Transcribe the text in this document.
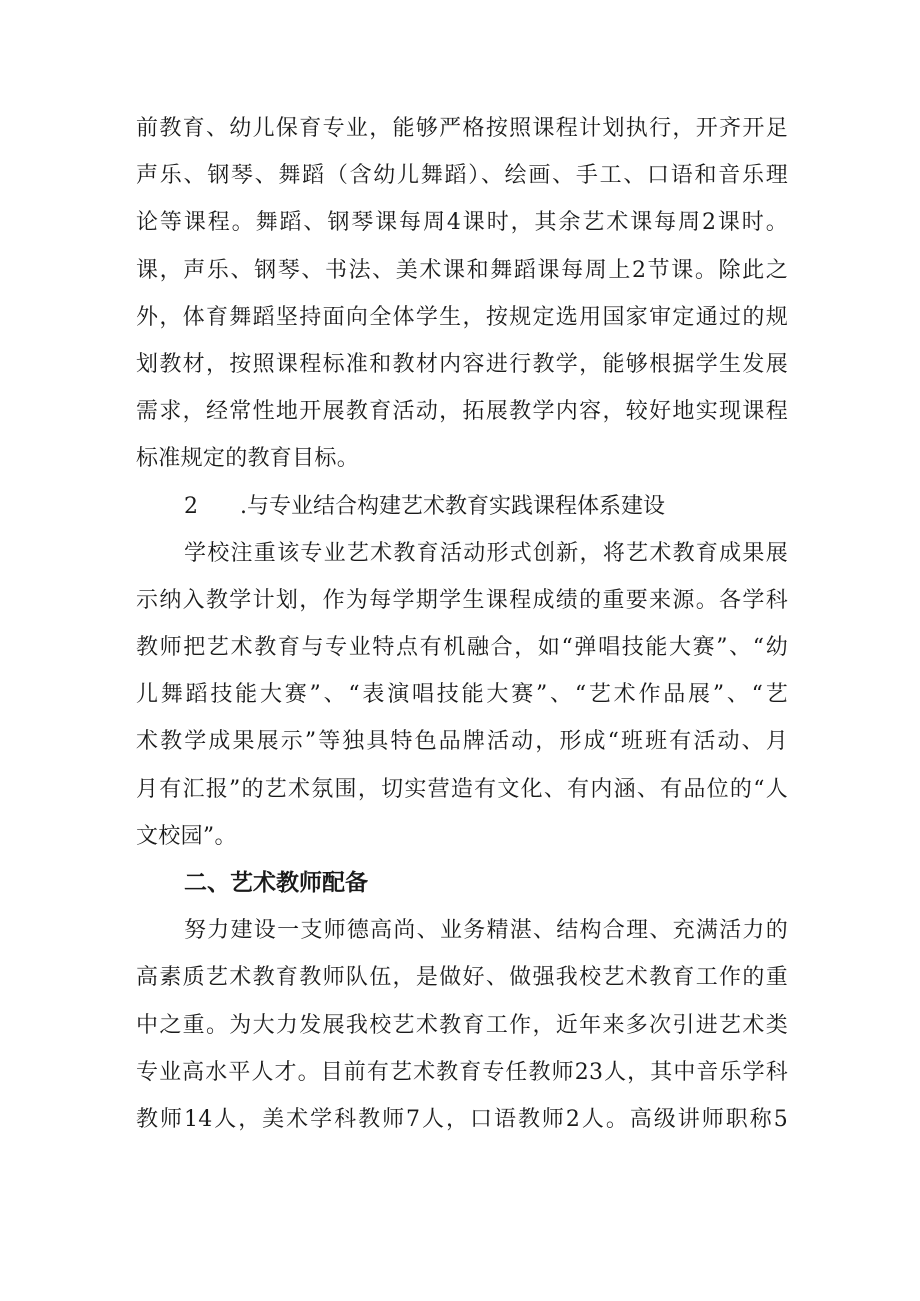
前教育、幼儿保育专业，能够严格按照课程计划执行，开齐开足
声乐、钢琴、舞蹈（含幼儿舞蹈）、绘画、手工、口语和音乐理
论等课程。舞蹈、钢琴课每周4课时，其余艺术课每周2课时。
课，声乐、钢琴、书法、美术课和舞蹈课每周上2节课。除此之
外，体育舞蹈坚持面向全体学生，按规定选用国家审定通过的规
划教材，按照课程标准和教材内容进行教学，能够根据学生发展
需求，经常性地开展教育活动，拓展教学内容，较好地实现课程
标准规定的教育目标。
2 .与专业结合构建艺术教育实践课程体系建设
学校注重该专业艺术教育活动形式创新，将艺术教育成果展
示纳入教学计划，作为每学期学生课程成绩的重要来源。各学科
教师把艺术教育与专业特点有机融合，如“弹唱技能大赛”、“幼
儿舞蹈技能大赛”、“表演唱技能大赛”、“艺术作品展”、“艺
术教学成果展示”等独具特色品牌活动，形成“班班有活动、月
月有汇报”的艺术氛围，切实营造有文化、有内涵、有品位的“人
文校园”。
二、艺术教师配备
努力建设一支师德高尚、业务精湛、结构合理、充满活力的
高素质艺术教育教师队伍，是做好、做强我校艺术教育工作的重
中之重。为大力发展我校艺术教育工作，近年来多次引进艺术类
专业高水平人才。目前有艺术教育专任教师23人，其中音乐学科
教师14人，美术学科教师7人，口语教师2人。高级讲师职称5
